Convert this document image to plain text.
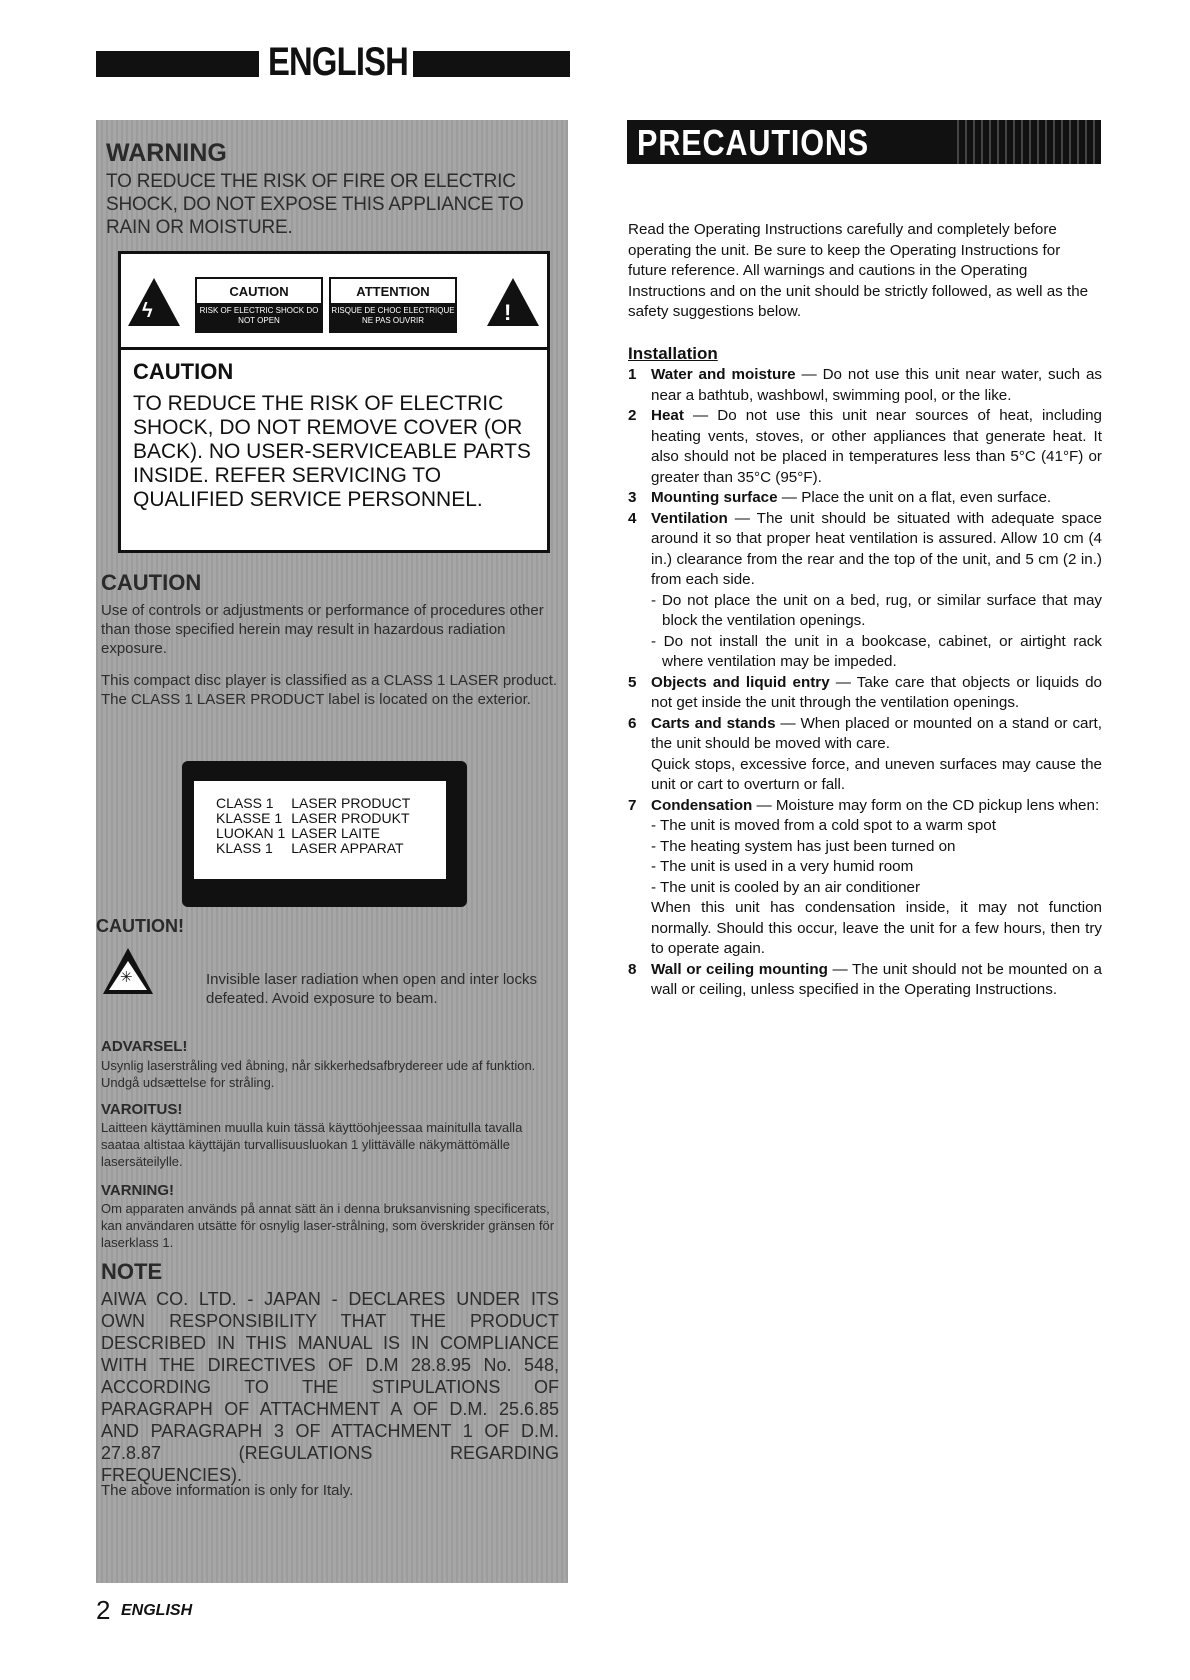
ENGLISH
WARNING
TO REDUCE THE RISK OF FIRE OR ELECTRIC SHOCK, DO NOT EXPOSE THIS APPLIANCE TO RAIN OR MOISTURE.
ϟ
CAUTION
RISK OF ELECTRIC SHOCK DO NOT OPEN
ATTENTION
RISQUE DE CHOC ELECTRIQUE NE PAS OUVRIR	!
CAUTION
TO REDUCE THE RISK OF ELECTRIC SHOCK, DO NOT REMOVE COVER (OR BACK). NO USER-SERVICEABLE PARTS INSIDE. REFER SERVICING TO QUALIFIED SERVICE PERSONNEL.
CAUTION
Use of controls or adjustments or performance of procedures other than those specified herein may result in hazardous radiation exposure.
This compact disc player is classified as a CLASS 1 LASER product.
The CLASS 1 LASER PRODUCT label is located on the exterior.
CLASS 1	LASER PRODUCT
KLASSE 1	LASER PRODUKT
LUOKAN 1	LASER LAITE
KLASS 1	LASER APPARAT
CAUTION!
✳	Invisible laser radiation when open and inter locks defeated. Avoid exposure to beam.
ADVARSEL!
Usynlig laserstråling ved åbning, når sikkerhedsafbrydereer ude af funktion. Undgå udsættelse for stråling.
VAROITUS!
Laitteen käyttäminen muulla kuin tässä käyttöohjeessaa mainitulla tavalla saataa altistaa käyttäjän turvallisuusluokan 1 ylittävälle näkymättömälle lasersäteilylle.
VARNING!
Om apparaten används på annat sätt än i denna bruksanvisning specificerats, kan användaren utsätte för osnylig laser-strålning, som överskrider gränsen för laserklass 1.
NOTE
AIWA CO. LTD. - JAPAN - DECLARES UNDER ITS OWN RESPONSIBILITY THAT THE PRODUCT DESCRIBED IN THIS MANUAL IS IN COMPLIANCE WITH THE DIRECTIVES OF D.M 28.8.95 No. 548, ACCORDING TO THE STIPULATIONS OF PARAGRAPH OF ATTACHMENT A OF D.M. 25.6.85 AND PARAGRAPH 3 OF ATTACHMENT 1 OF D.M. 27.8.87 (REGULATIONS REGARDING FREQUENCIES).
The above information is only for Italy.
PRECAUTIONS
Read the Operating Instructions carefully and completely before operating the unit. Be sure to keep the Operating Instructions for future reference. All warnings and cautions in the Operating Instructions and on the unit should be strictly followed, as well as the safety suggestions below.
Installation
1 Water and moisture — Do not use this unit near water, such as near a bathtub, washbowl, swimming pool, or the like.
2 Heat — Do not use this unit near sources of heat, including heating vents, stoves, or other appliances that generate heat. It also should not be placed in temperatures less than 5°C (41°F) or greater than 35°C (95°F).
3 Mounting surface — Place the unit on a flat, even surface.
4 Ventilation — The unit should be situated with adequate space around it so that proper heat ventilation is assured. Allow 10 cm (4 in.) clearance from the rear and the top of the unit, and 5 cm (2 in.) from each side.
- Do not place the unit on a bed, rug, or similar surface that may block the ventilation openings.
- Do not install the unit in a bookcase, cabinet, or airtight rack where ventilation may be impeded.
5 Objects and liquid entry — Take care that objects or liquids do not get inside the unit through the ventilation openings.
6 Carts and stands — When placed or mounted on a stand or cart, the unit should be moved with care.
Quick stops, excessive force, and uneven surfaces may cause the unit or cart to overturn or fall.
7 Condensation — Moisture may form on the CD pickup lens when:
- The unit is moved from a cold spot to a warm spot
- The heating system has just been turned on
- The unit is used in a very humid room
- The unit is cooled by an air conditioner
When this unit has condensation inside, it may not function normally. Should this occur, leave the unit for a few hours, then try to operate again.
8 Wall or ceiling mounting — The unit should not be mounted on a wall or ceiling, unless specified in the Operating Instructions.
2 ENGLISH
